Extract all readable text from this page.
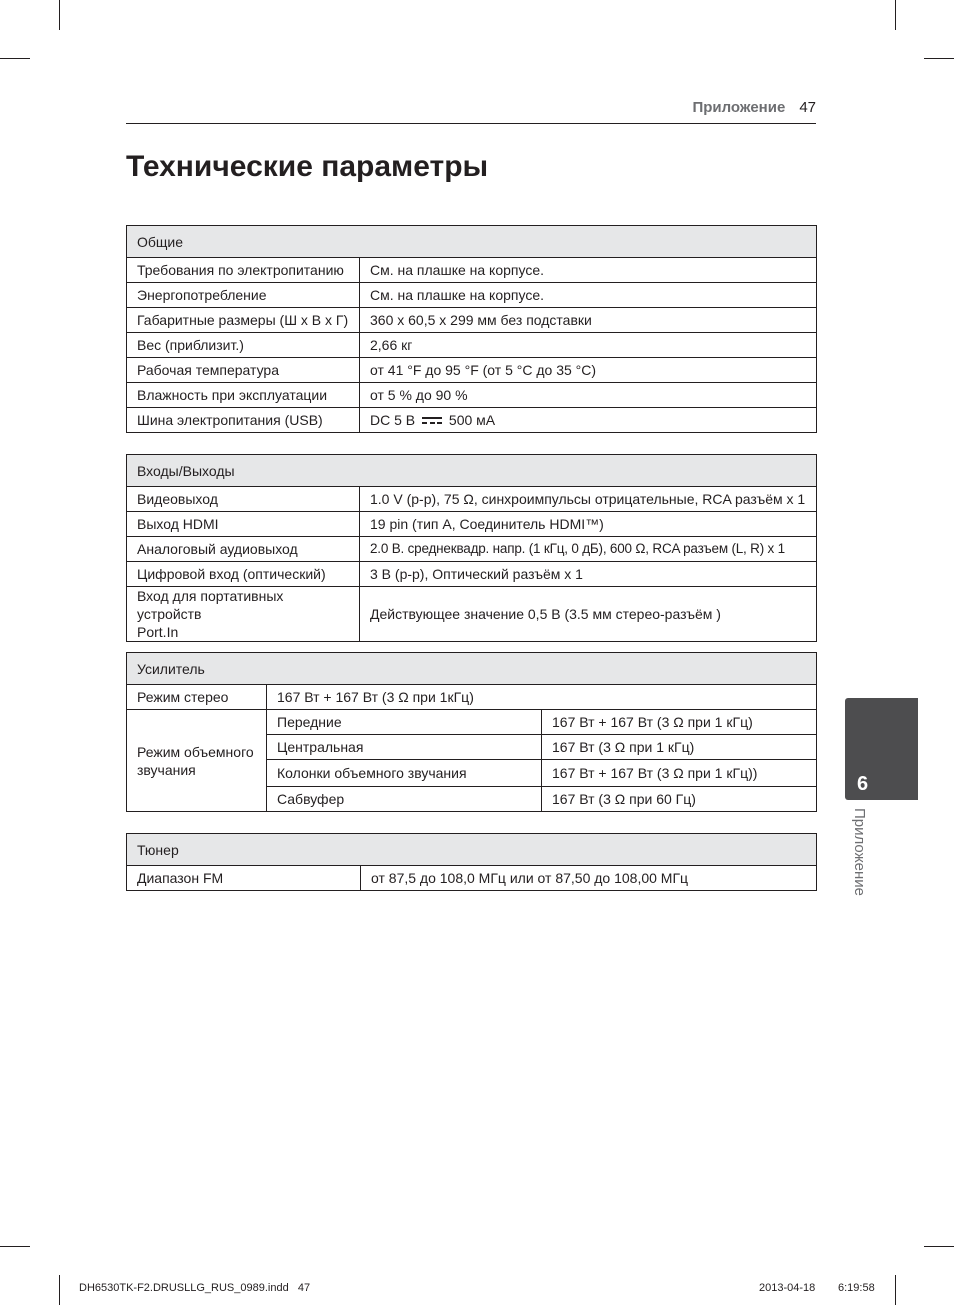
Приложение 47
Технические параметры
Общие	
Требования по электропитанию	См. на плашке на корпусе.
Энергопотребление	См. на плашке на корпусе.
Габаритные размеры (Ш x В x Г)	360 x 60,5 x 299 мм без подставки
Вес (приблизит.)	2,66 кг
Рабочая температура	от 41 °F до 95 °F (от 5 °C до 35 °C)
Влажность при эксплуатации	от 5 % до 90 %
Шина электропитания (USB)	DC 5 В 500 мА
Входы/Выходы	
Видеовыход	1.0 V (p-p), 75 Ω, синхроимпульсы отрицательные, RCA разъём x 1
Выход HDMI	19 pin (тип A, Соединитель HDMI™)
Аналоговый аудиовыход	2.0 В. среднеквадр. напр. (1 кГц, 0 дБ), 600 Ω, RCA разъем (L, R) x 1
Цифровой вход (оптический)	3 В (p-p), Оптический разъём x 1

Вход для портативных устройств
Port.In	Действующее значение 0,5 В (3.5 мм стерео-разъём )
Усилитель		
Режим стерео	167 Вт + 167 Вт (3 Ω при 1кГц)	

Режим объемного
звучания	Передние	167 Вт + 167 Вт (3 Ω при 1 кГц)
	Центральная	167 Вт (3 Ω при 1 кГц)
	Колонки объемного звучания	167 Вт + 167 Вт (3 Ω при 1 кГц))
	Сабвуфер	167 Вт (3 Ω при 60 Гц)
Тюнер
Диапазон FM	от 87,5 до 108,0 МГц или от 87,50 до 108,00 МГц
6
Приложение
DH6530TK-F2.DRUSLLG_RUS_0989.indd   47	2013-04-18 6:19:58
